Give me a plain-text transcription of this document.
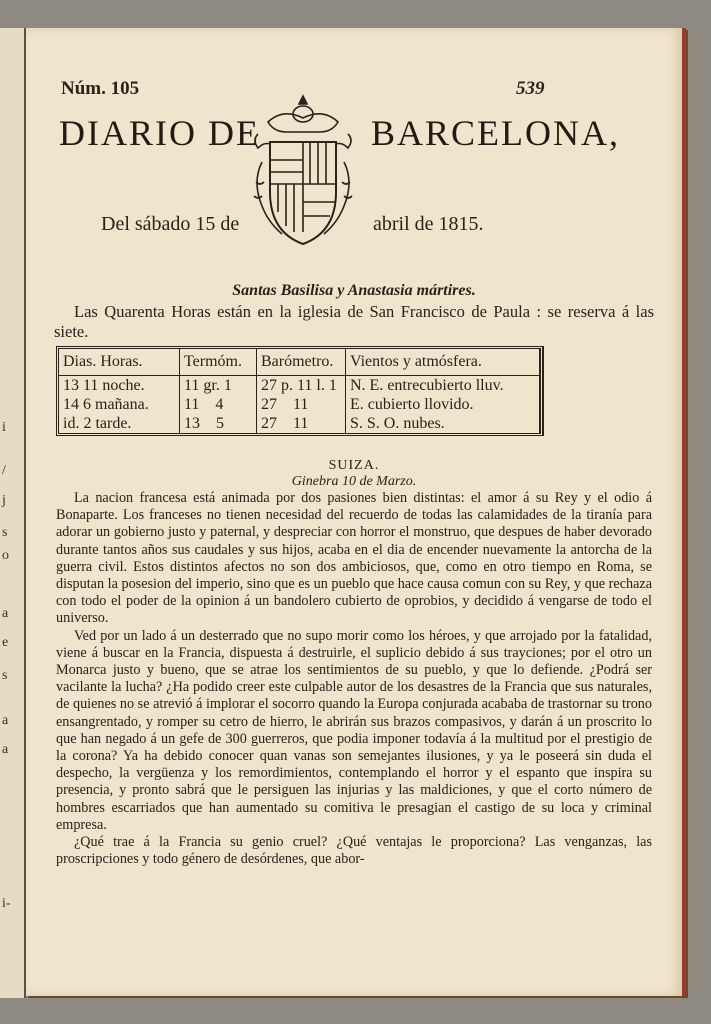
i
/
j
s
o
a
e
s
a
a
i-
Núm. 105	539
DIARIO DE	BARCELONA,
Del sábado 15 de	abril de 1815.
Santas Basilisa y Anastasia mártires.
Las Quarenta Horas están en la iglesia de San Francisco de Paula : se reserva á las siete.
Dias. Horas.	Termóm.	Barómetro.	Vientos y atmósfera.
13 11 noche.	11 gr. 1	27 p. 11 l. 1	N. E. entrecubierto lluv.
14 6 mañana.	11    4	27    11	E. cubierto llovido.
id. 2 tarde.	13    5	27    11	S. S. O. nubes.
SUIZA.
Ginebra 10 de Marzo.

La nacion francesa está animada por dos pasiones bien distintas: el amor á su Rey y el odio á Bonaparte. Los franceses no tienen necesidad del recuerdo de todas las calamidades de la tiranía para adorar un gobierno justo y paternal, y despreciar con horror el monstruo, que despues de haber devorado durante tantos años sus caudales y sus hijos, acaba en el dia de encender nuevamente la antorcha de la guerra civil. Estos distintos afectos no son dos ambiciosos, que, como en otro tiempo en Roma, se disputan la posesion del imperio, sino que es un pueblo que hace causa comun con su Rey, y que rechaza con todo el poder de la opinion á un bandolero cubierto de oprobios, y decidido á vengarse de todo el universo.

Ved por un lado á un desterrado que no supo morir como los héroes, y que arrojado por la fatalidad, viene á buscar en la Francia, dispuesta á destruirle, el suplicio debido á sus trayciones; por el otro un Monarca justo y bueno, que se atrae los sentimientos de su pueblo, y que lo defiende. ¿Podrá ser vacilante la lucha? ¿Ha podido creer este culpable autor de los desastres de la Francia que sus naturales, de quienes no se atrevió á implorar el socorro quando la Europa conjurada acababa de trastornar su trono ensangrentado, y romper su cetro de hierro, le abrirán sus brazos compasivos, y darán á un proscrito lo que han negado á un gefe de 300 guerreros, que podia imponer todavía á la multitud por el prestigio de la corona? Ya ha debido conocer quan vanas son semejantes ilusiones, y ya le poseerá sin duda el despecho, la vergüenza y los remordimientos, contemplando el horror y el espanto que inspira su presencia, y pronto sabrá que le persiguen las injurias y las maldiciones, y que el corto número de hombres escarriados que han aumentado su comitiva le presagian el castigo de su loca y criminal empresa.

¿Qué trae á la Francia su genio cruel? ¿Qué ventajas le proporciona? Las venganzas, las proscripciones y todo género de desórdenes, que abor-
